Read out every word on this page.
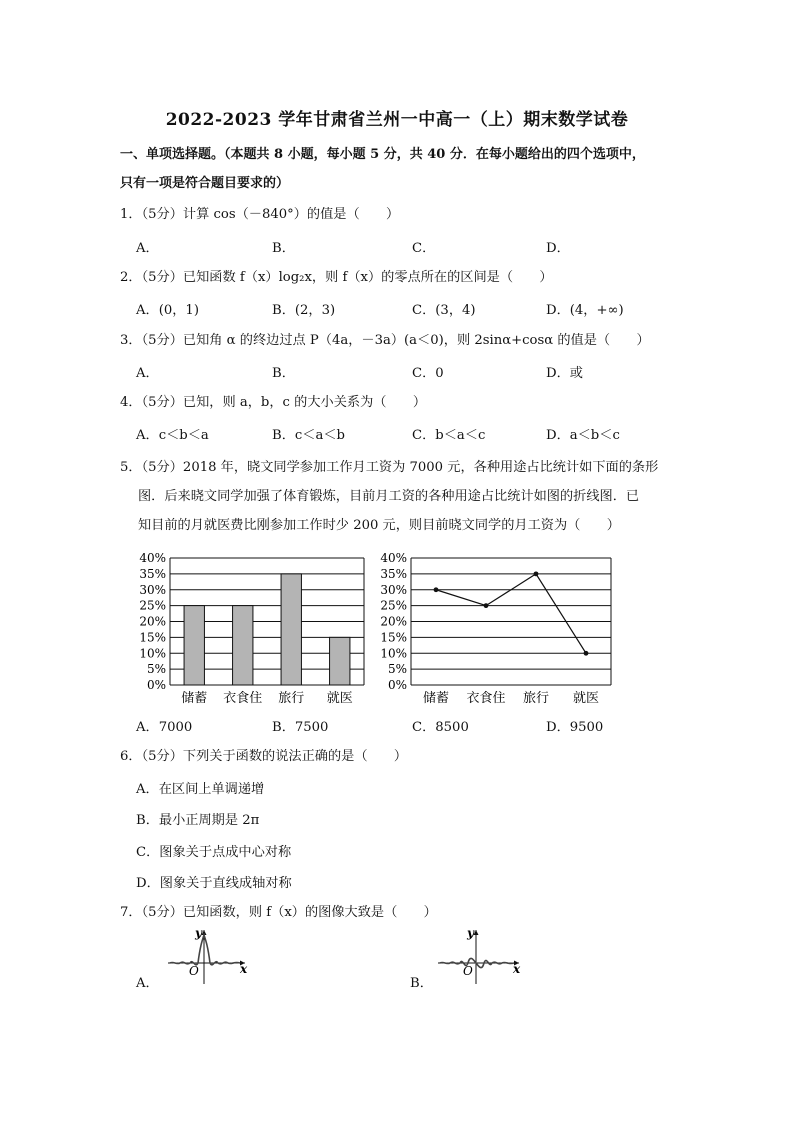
2022-2023 学年甘肃省兰州一中高一（上）期末数学试卷
一、单项选择题。（本题共 8 小题，每小题 5 分，共 40 分．在每小题给出的四个选项中，
只有一项是符合题目要求的）
1．（5分）计算 cos（－840°）的值是（　　）
A．	B．	C．	D．
2．（5分）已知函数 f（x）log₂x，则 f（x）的零点所在的区间是（　　）
A．(0，1)	B．(2，3)	C．(3，4)	D．(4，+∞)
3．（5分）已知角 α 的终边过点 P（4a，－3a）(a＜0)，则 2sinα+cosα 的值是（　　）
A．	B．	C．0	D．或
4．（5分）已知，则 a，b，c 的大小关系为（　　）
A．c＜b＜a	B．c＜a＜b	C．b＜a＜c	D．a＜b＜c
5．（5分）2018 年，晓文同学参加工作月工资为 7000 元，各种用途占比统计如下面的条形
图．后来晓文同学加强了体育锻炼，目前月工资的各种用途占比统计如图的折线图．已
知目前的月就医费比刚参加工作时少 200 元，则目前晓文同学的月工资为（　　）
0%
5%
10%
15%
20%
25%
30%
35%
40%
储蓄 衣食住 旅行 就医
0%
5%
10%
15%
20%
25%
30%
35%
40%
储蓄 衣食住 旅行 就医
A．7000	B．7500	C．8500	D．9500
6．（5分）下列关于函数的说法正确的是（　　）
A．在区间上单调递增
B．最小正周期是 2π
C．图象关于点成中心对称
D．图象关于直线成轴对称
7．（5分）已知函数，则 f（x）的图像大致是（　　）
A．
y
x
O
B．
y
x
O
